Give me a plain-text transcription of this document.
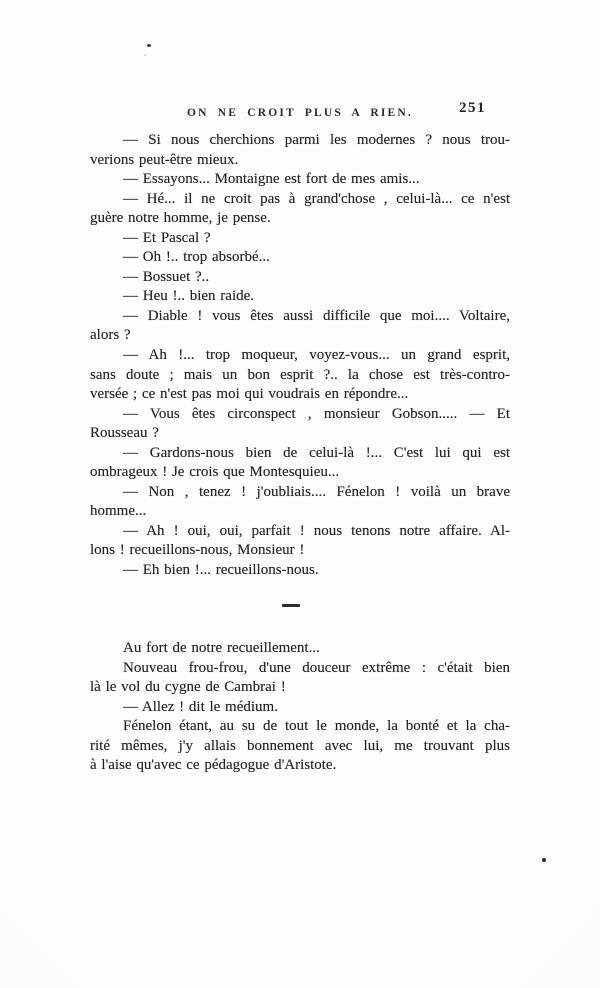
ON NE CROIT PLUS A RIEN.	251
— Si nous cherchions parmi les modernes ? nous trou-
verions peut-être mieux.
— Essayons... Montaigne est fort de mes amis...
— Hé... il ne croit pas à grand'chose , celui-là... ce n'est
guère notre homme, je pense.
— Et Pascal ?
— Oh !.. trop absorbé...
— Bossuet ?..
— Heu !.. bien raide.
— Diable ! vous êtes aussi difficile que moi.... Voltaire,
alors ?
— Ah !... trop moqueur, voyez-vous... un grand esprit,
sans doute ; mais un bon esprit ?.. la chose est très-contro-
versée ; ce n'est pas moi qui voudrais en répondre...
— Vous êtes circonspect , monsieur Gobson..... — Et
Rousseau ?
— Gardons-nous bien de celui-là !... C'est lui qui est
ombrageux ! Je crois que Montesquieu...
— Non , tenez ! j'oubliais.... Fénelon ! voilà un brave
homme...
— Ah ! oui, oui, parfait ! nous tenons notre affaire. Al-
lons ! recueillons-nous, Monsieur !
— Eh bien !... recueillons-nous.
Au fort de notre recueillement...
Nouveau frou-frou, d'une douceur extrême : c'était bien
là le vol du cygne de Cambrai !
— Allez ! dit le médium.
Fénelon étant, au su de tout le monde, la bonté et la cha-
rité mêmes, j'y allais bonnement avec lui, me trouvant plus
à l'aise qu'avec ce pédagogue d'Aristote.
